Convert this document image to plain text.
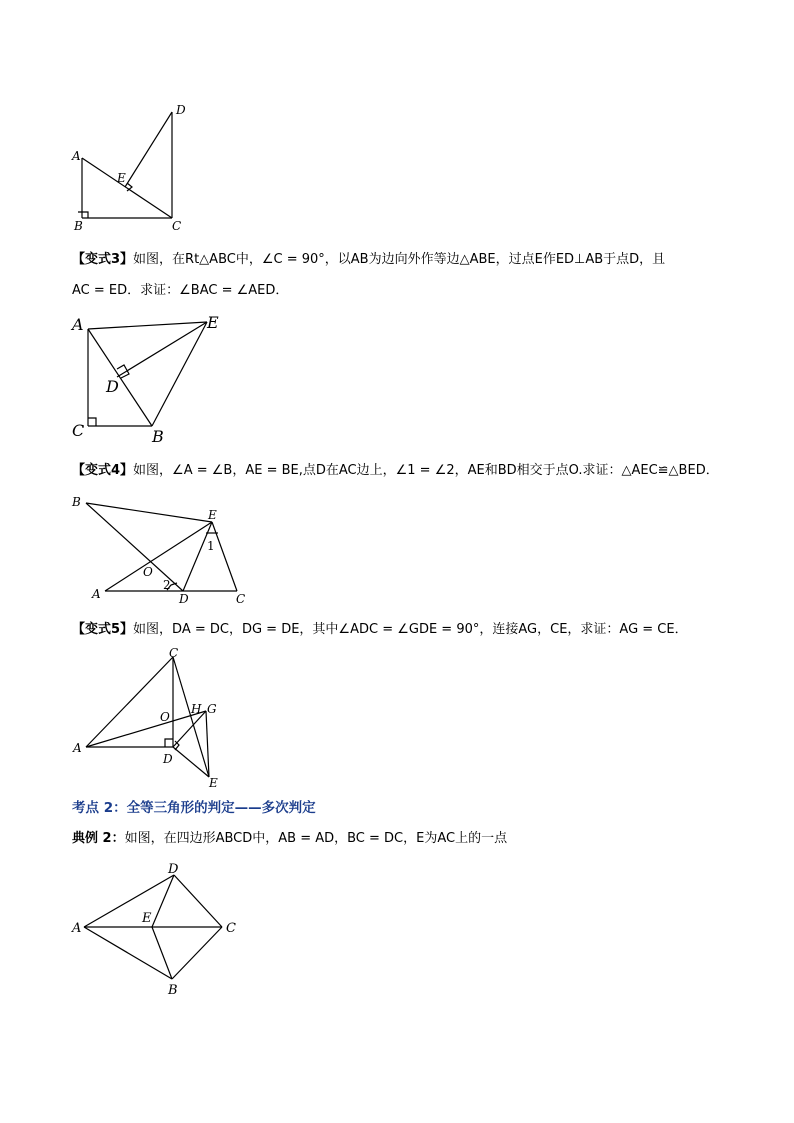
A
B	C
D
E
【变式3】如图，在Rt△ABC中，∠C = 90°，以AB为边向外作等边△ABE，过点E作ED⊥AB于点D，且
AC = ED．求证：∠BAC = ∠AED．
A
C	B
E
D
【变式4】如图，∠A = ∠B，AE = BE,点D在AC边上，∠1 = ∠2，AE和BD相交于点O.求证：△AEC≌△BED．
B
E
A	D	C
O
1
2
【变式5】如图，DA = DC，DG = DE，其中∠ADC = ∠GDE = 90°，连接AG，CE，求证：AG = CE．
C
A
D
E
G
H
O
考点 2：全等三角形的判定——多次判定
典例 2：如图，在四边形ABCD中，AB = AD，BC = DC，E为AC上的一点
D
A	C
B
E
